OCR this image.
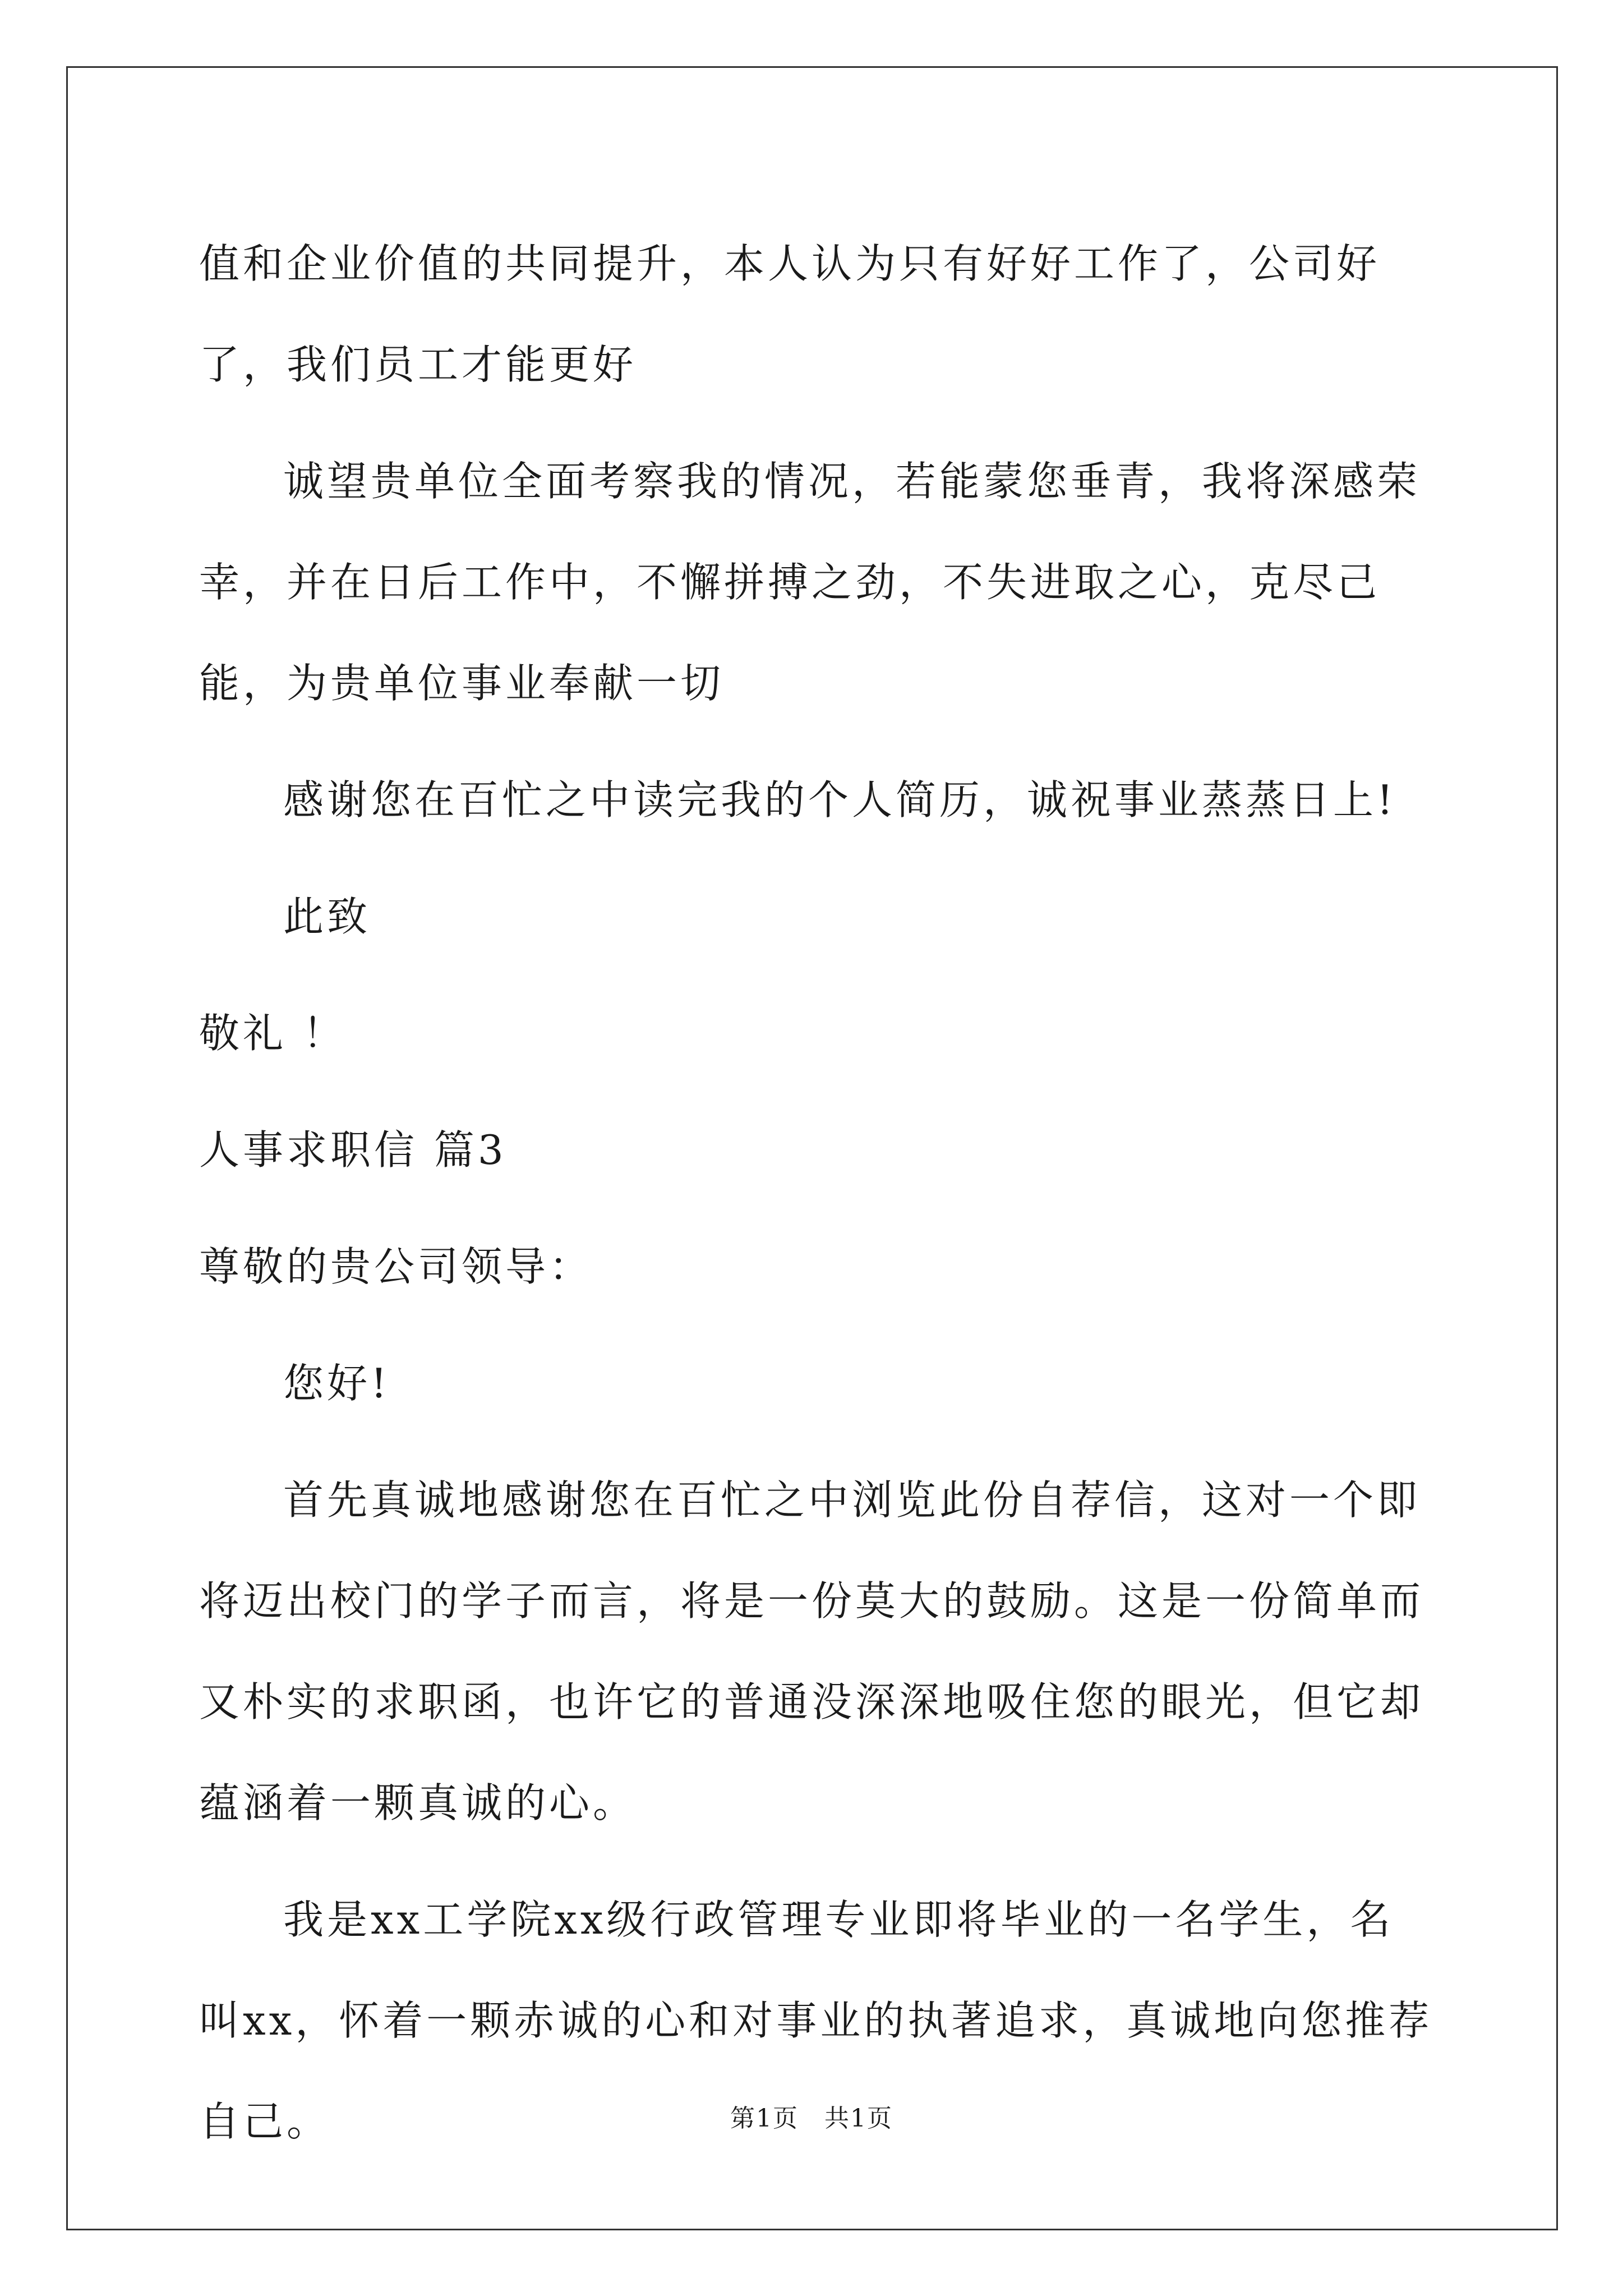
值和企业价值的共同提升，本人认为只有好好工作了，公司好了，我们员工才能更好

诚望贵单位全面考察我的情况，若能蒙您垂青，我将深感荣幸，并在日后工作中，不懈拼搏之劲，不失进取之心，克尽己能，为贵单位事业奉献一切

感谢您在百忙之中读完我的个人简历，诚祝事业蒸蒸日上!

此致

敬礼 ！

人事求职信 篇3

尊敬的贵公司领导：

您好!

首先真诚地感谢您在百忙之中浏览此份自荐信，这对一个即将迈出校门的学子而言，将是一份莫大的鼓励。这是一份简单而又朴实的求职函，也许它的普通没深深地吸住您的眼光，但它却蕴涵着一颗真诚的心。

我是xx工学院xx级行政管理专业即将毕业的一名学生，名叫xx，怀着一颗赤诚的心和对事业的执著追求，真诚地向您推荐自己。	第1页　共1页
